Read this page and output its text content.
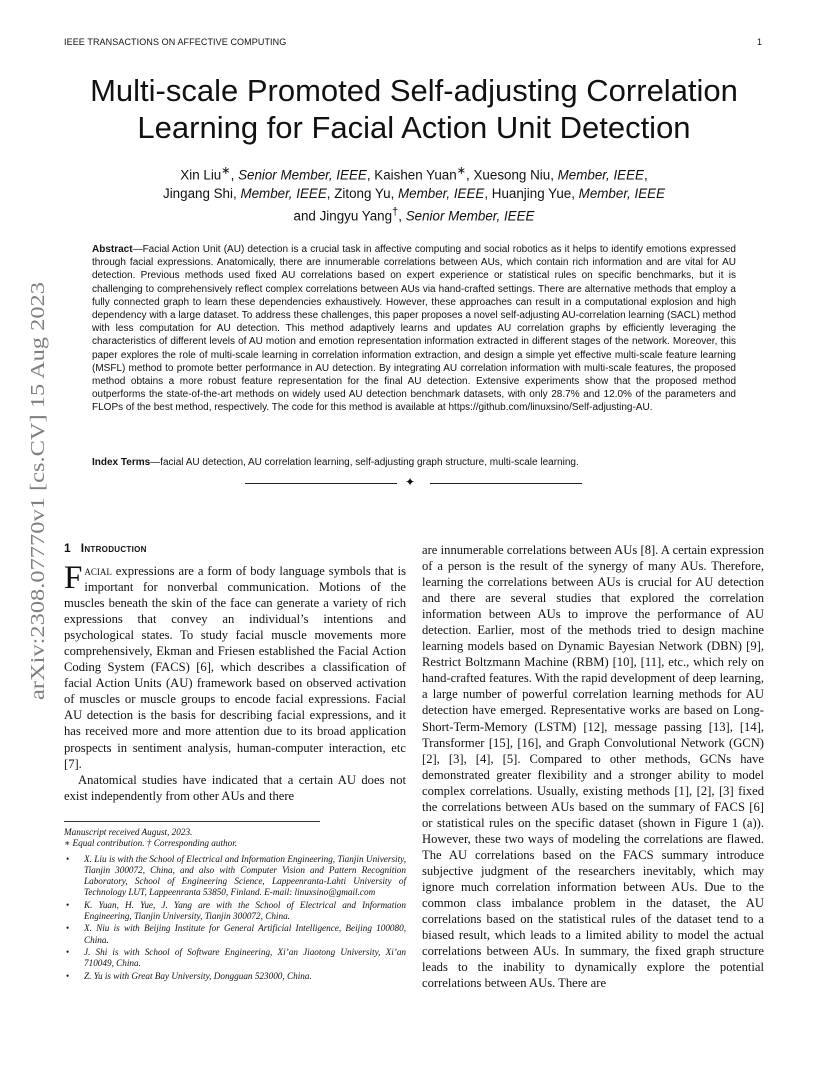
IEEE TRANSACTIONS ON AFFECTIVE COMPUTING	1
arXiv:2308.07770v1 [cs.CV] 15 Aug 2023
Multi-scale Promoted Self-adjusting Correlation
Learning for Facial Action Unit Detection
Xin Liu∗, Senior Member, IEEE, Kaishen Yuan∗, Xuesong Niu, Member, IEEE,
Jingang Shi, Member, IEEE, Zitong Yu, Member, IEEE, Huanjing Yue, Member, IEEE
and Jingyu Yang†, Senior Member, IEEE
Abstract—Facial Action Unit (AU) detection is a crucial task in affective computing and social robotics as it helps to identify emotions expressed through facial expressions. Anatomically, there are innumerable correlations between AUs, which contain rich information and are vital for AU detection. Previous methods used fixed AU correlations based on expert experience or statistical rules on specific benchmarks, but it is challenging to comprehensively reflect complex correlations between AUs via hand-crafted settings. There are alternative methods that employ a fully connected graph to learn these dependencies exhaustively. However, these approaches can result in a computational explosion and high dependency with a large dataset. To address these challenges, this paper proposes a novel self-adjusting AU-correlation learning (SACL) method with less computation for AU detection. This method adaptively learns and updates AU correlation graphs by efficiently leveraging the characteristics of different levels of AU motion and emotion representation information extracted in different stages of the network. Moreover, this paper explores the role of multi-scale learning in correlation information extraction, and design a simple yet effective multi-scale feature learning (MSFL) method to promote better performance in AU detection. By integrating AU correlation information with multi-scale features, the proposed method obtains a more robust feature representation for the final AU detection. Extensive experiments show that the proposed method outperforms the state-of-the-art methods on widely used AU detection benchmark datasets, with only 28.7% and 12.0% of the parameters and FLOPs of the best method, respectively. The code for this method is available at https://github.com/linuxsino/Self-adjusting-AU.
Index Terms—facial AU detection, AU correlation learning, self-adjusting graph structure, multi-scale learning.
✦
1 Introduction

Facial expressions are a form of body language symbols that is important for nonverbal communication. Motions of the muscles beneath the skin of the face can generate a variety of rich expressions that convey an individual’s intentions and psychological states. To study facial muscle movements more comprehensively, Ekman and Friesen established the Facial Action Coding System (FACS) [6], which describes a classification of facial Action Units (AU) framework based on observed activation of muscles or muscle groups to encode facial expressions. Facial AU detection is the basis for describing facial expressions, and it has received more and more attention due to its broad application prospects in sentiment analysis, human-computer interaction, etc [7].

Anatomical studies have indicated that a certain AU does not exist independently from other AUs and there

Manuscript received August, 2023.

∗ Equal contribution. † Corresponding author.

• X. Liu is with the School of Electrical and Information Engineering, Tianjin University, Tianjin 300072, China, and also with Computer Vision and Pattern Recognition Laboratory, School of Engineering Science, Lappeenranta-Lahti University of Technology LUT, Lappeenranta 53850, Finland. E-mail: linuxsino@gmail.com
• K. Yuan, H. Yue, J. Yang are with the School of Electrical and Information Engineering, Tianjin University, Tianjin 300072, China.
• X. Niu is with Beijing Institute for General Artificial Intelligence, Beijing 100080, China.
• J. Shi is with School of Software Engineering, Xi’an Jiaotong University, Xi’an 710049, China.
• Z. Yu is with Great Bay University, Dongguan 523000, China.

are innumerable correlations between AUs [8]. A certain expression of a person is the result of the synergy of many AUs. Therefore, learning the correlations between AUs is crucial for AU detection and there are several studies that explored the correlation information between AUs to improve the performance of AU detection. Earlier, most of the methods tried to design machine learning models based on Dynamic Bayesian Network (DBN) [9], Restrict Boltzmann Machine (RBM) [10], [11], etc., which rely on hand-crafted features. With the rapid development of deep learning, a large number of powerful correlation learning methods for AU detection have emerged. Representative works are based on Long-Short-Term-Memory (LSTM) [12], message passing [13], [14], Transformer [15], [16], and Graph Convolutional Network (GCN) [2], [3], [4], [5]. Compared to other methods, GCNs have demonstrated greater flexibility and a stronger ability to model complex correlations. Usually, existing methods [1], [2], [3] fixed the correlations between AUs based on the summary of FACS [6] or statistical rules on the specific dataset (shown in Figure 1 (a)). However, these two ways of modeling the correlations are flawed. The AU correlations based on the FACS summary introduce subjective judgment of the researchers inevitably, which may ignore much correlation information between AUs. Due to the common class imbalance problem in the dataset, the AU correlations based on the statistical rules of the dataset tend to a biased result, which leads to a limited ability to model the actual correlations between AUs. In summary, the fixed graph structure leads to the inability to dynamically explore the potential correlations between AUs. There are
